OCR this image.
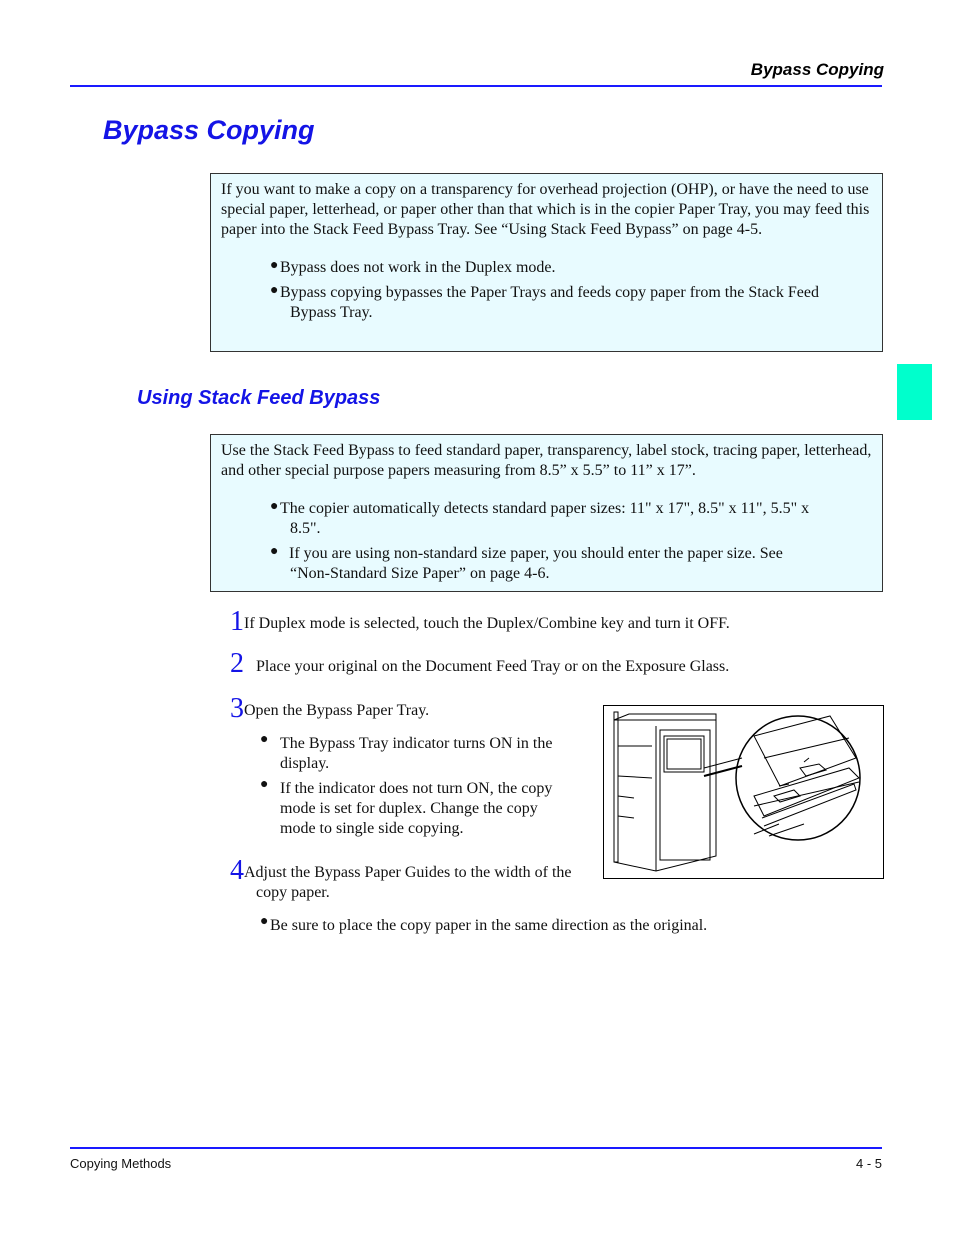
Bypass Copying
Bypass Copying

If you want to make a copy on a transparency for overhead projection (OHP), or have the need to use special paper, letterhead, or paper other than that which is in the copier Paper Tray, you may feed this paper into the Stack Feed Bypass Tray. See “Using Stack Feed Bypass” on page 4-5.

● Bypass does not work in the Duplex mode.
● Bypass copying bypasses the Paper Trays and feeds copy paper from the Stack Feed
Bypass Tray.
Using Stack Feed Bypass

Use the Stack Feed Bypass to feed standard paper, transparency, label stock, tracing paper, letterhead, and other special purpose papers measuring from 8.5” x 5.5” to 11” x 17”.

● The copier automatically detects standard paper sizes: 11" x 17", 8.5" x 11", 5.5" x
8.5".
● If you are using non-standard size paper, you should enter the paper size. See
“Non-Standard Size Paper” on page 4-6.
1 If Duplex mode is selected, touch the Duplex/Combine key and turn it OFF.
2 Place your original on the Document Feed Tray or on the Exposure Glass.
3 Open the Bypass Paper Tray.
● The Bypass Tray indicator turns ON in the
display.
● If the indicator does not turn ON, the copy
mode is set for duplex. Change the copy
mode to single side copying.
4 Adjust the Bypass Paper Guides to the width of the
copy paper.
● Be sure to place the copy paper in the same direction as the original.
Copying Methods	4 - 5
